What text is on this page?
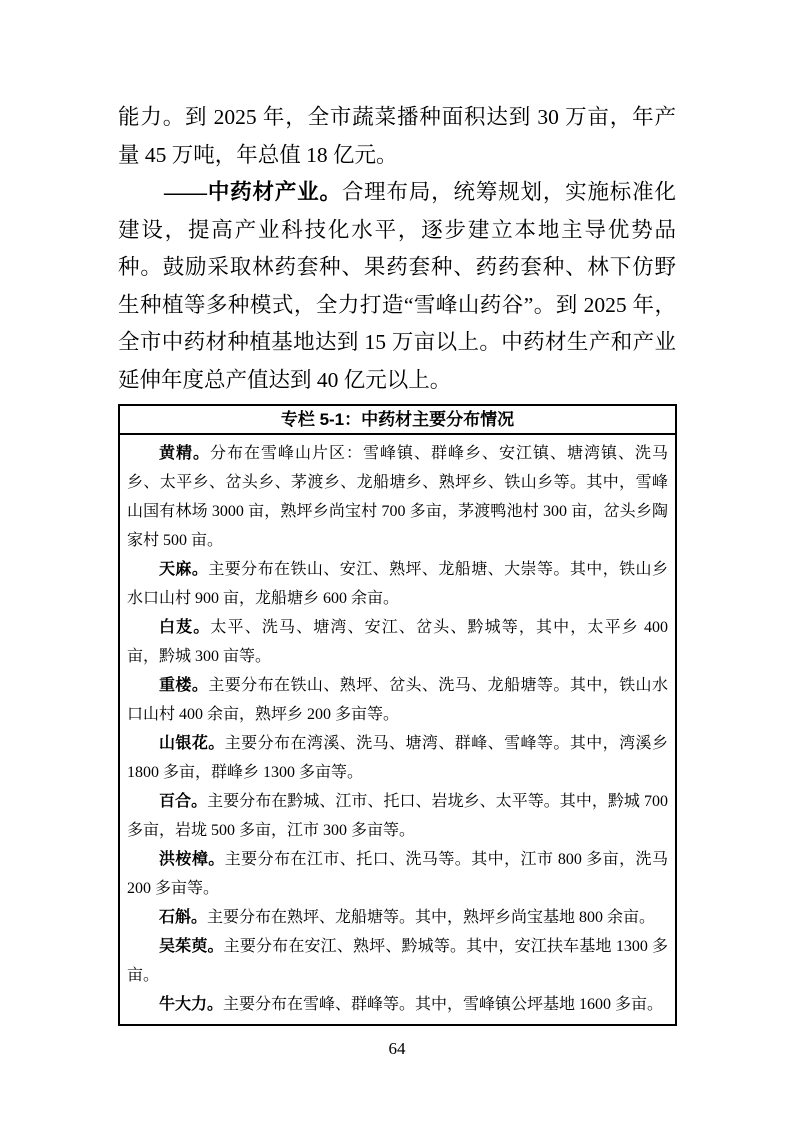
能力。到 2025 年，全市蔬菜播种面积达到 30 万亩，年产量 45 万吨，年总值 18 亿元。

——中药材产业。合理布局，统筹规划，实施标准化建设，提高产业科技化水平，逐步建立本地主导优势品种。鼓励采取林药套种、果药套种、药药套种、林下仿野生种植等多种模式，全力打造“雪峰山药谷”。到 2025 年，全市中药材种植基地达到 15 万亩以上。中药材生产和产业延伸年度总产值达到 40 亿元以上。

专栏 5-1：中药材主要分布情况

黄精。分布在雪峰山片区：雪峰镇、群峰乡、安江镇、塘湾镇、洗马乡、太平乡、岔头乡、茅渡乡、龙船塘乡、熟坪乡、铁山乡等。其中，雪峰山国有林场 3000 亩，熟坪乡尚宝村 700 多亩，茅渡鸭池村 300 亩，岔头乡陶家村 500 亩。

天麻。主要分布在铁山、安江、熟坪、龙船塘、大崇等。其中，铁山乡水口山村 900 亩，龙船塘乡 600 余亩。

白芨。太平、洗马、塘湾、安江、岔头、黔城等，其中，太平乡 400 亩，黔城 300 亩等。

重楼。主要分布在铁山、熟坪、岔头、洗马、龙船塘等。其中，铁山水口山村 400 余亩，熟坪乡 200 多亩等。

山银花。主要分布在湾溪、洗马、塘湾、群峰、雪峰等。其中，湾溪乡 1800 多亩，群峰乡 1300 多亩等。

百合。主要分布在黔城、江市、托口、岩垅乡、太平等。其中，黔城 700 多亩，岩垅 500 多亩，江市 300 多亩等。

洪桉樟。主要分布在江市、托口、洗马等。其中，江市 800 多亩，洗马 200 多亩等。

石斛。主要分布在熟坪、龙船塘等。其中，熟坪乡尚宝基地 800 余亩。

吴茱萸。主要分布在安江、熟坪、黔城等。其中，安江扶车基地 1300 多亩。

牛大力。主要分布在雪峰、群峰等。其中，雪峰镇公坪基地 1600 多亩。

64
